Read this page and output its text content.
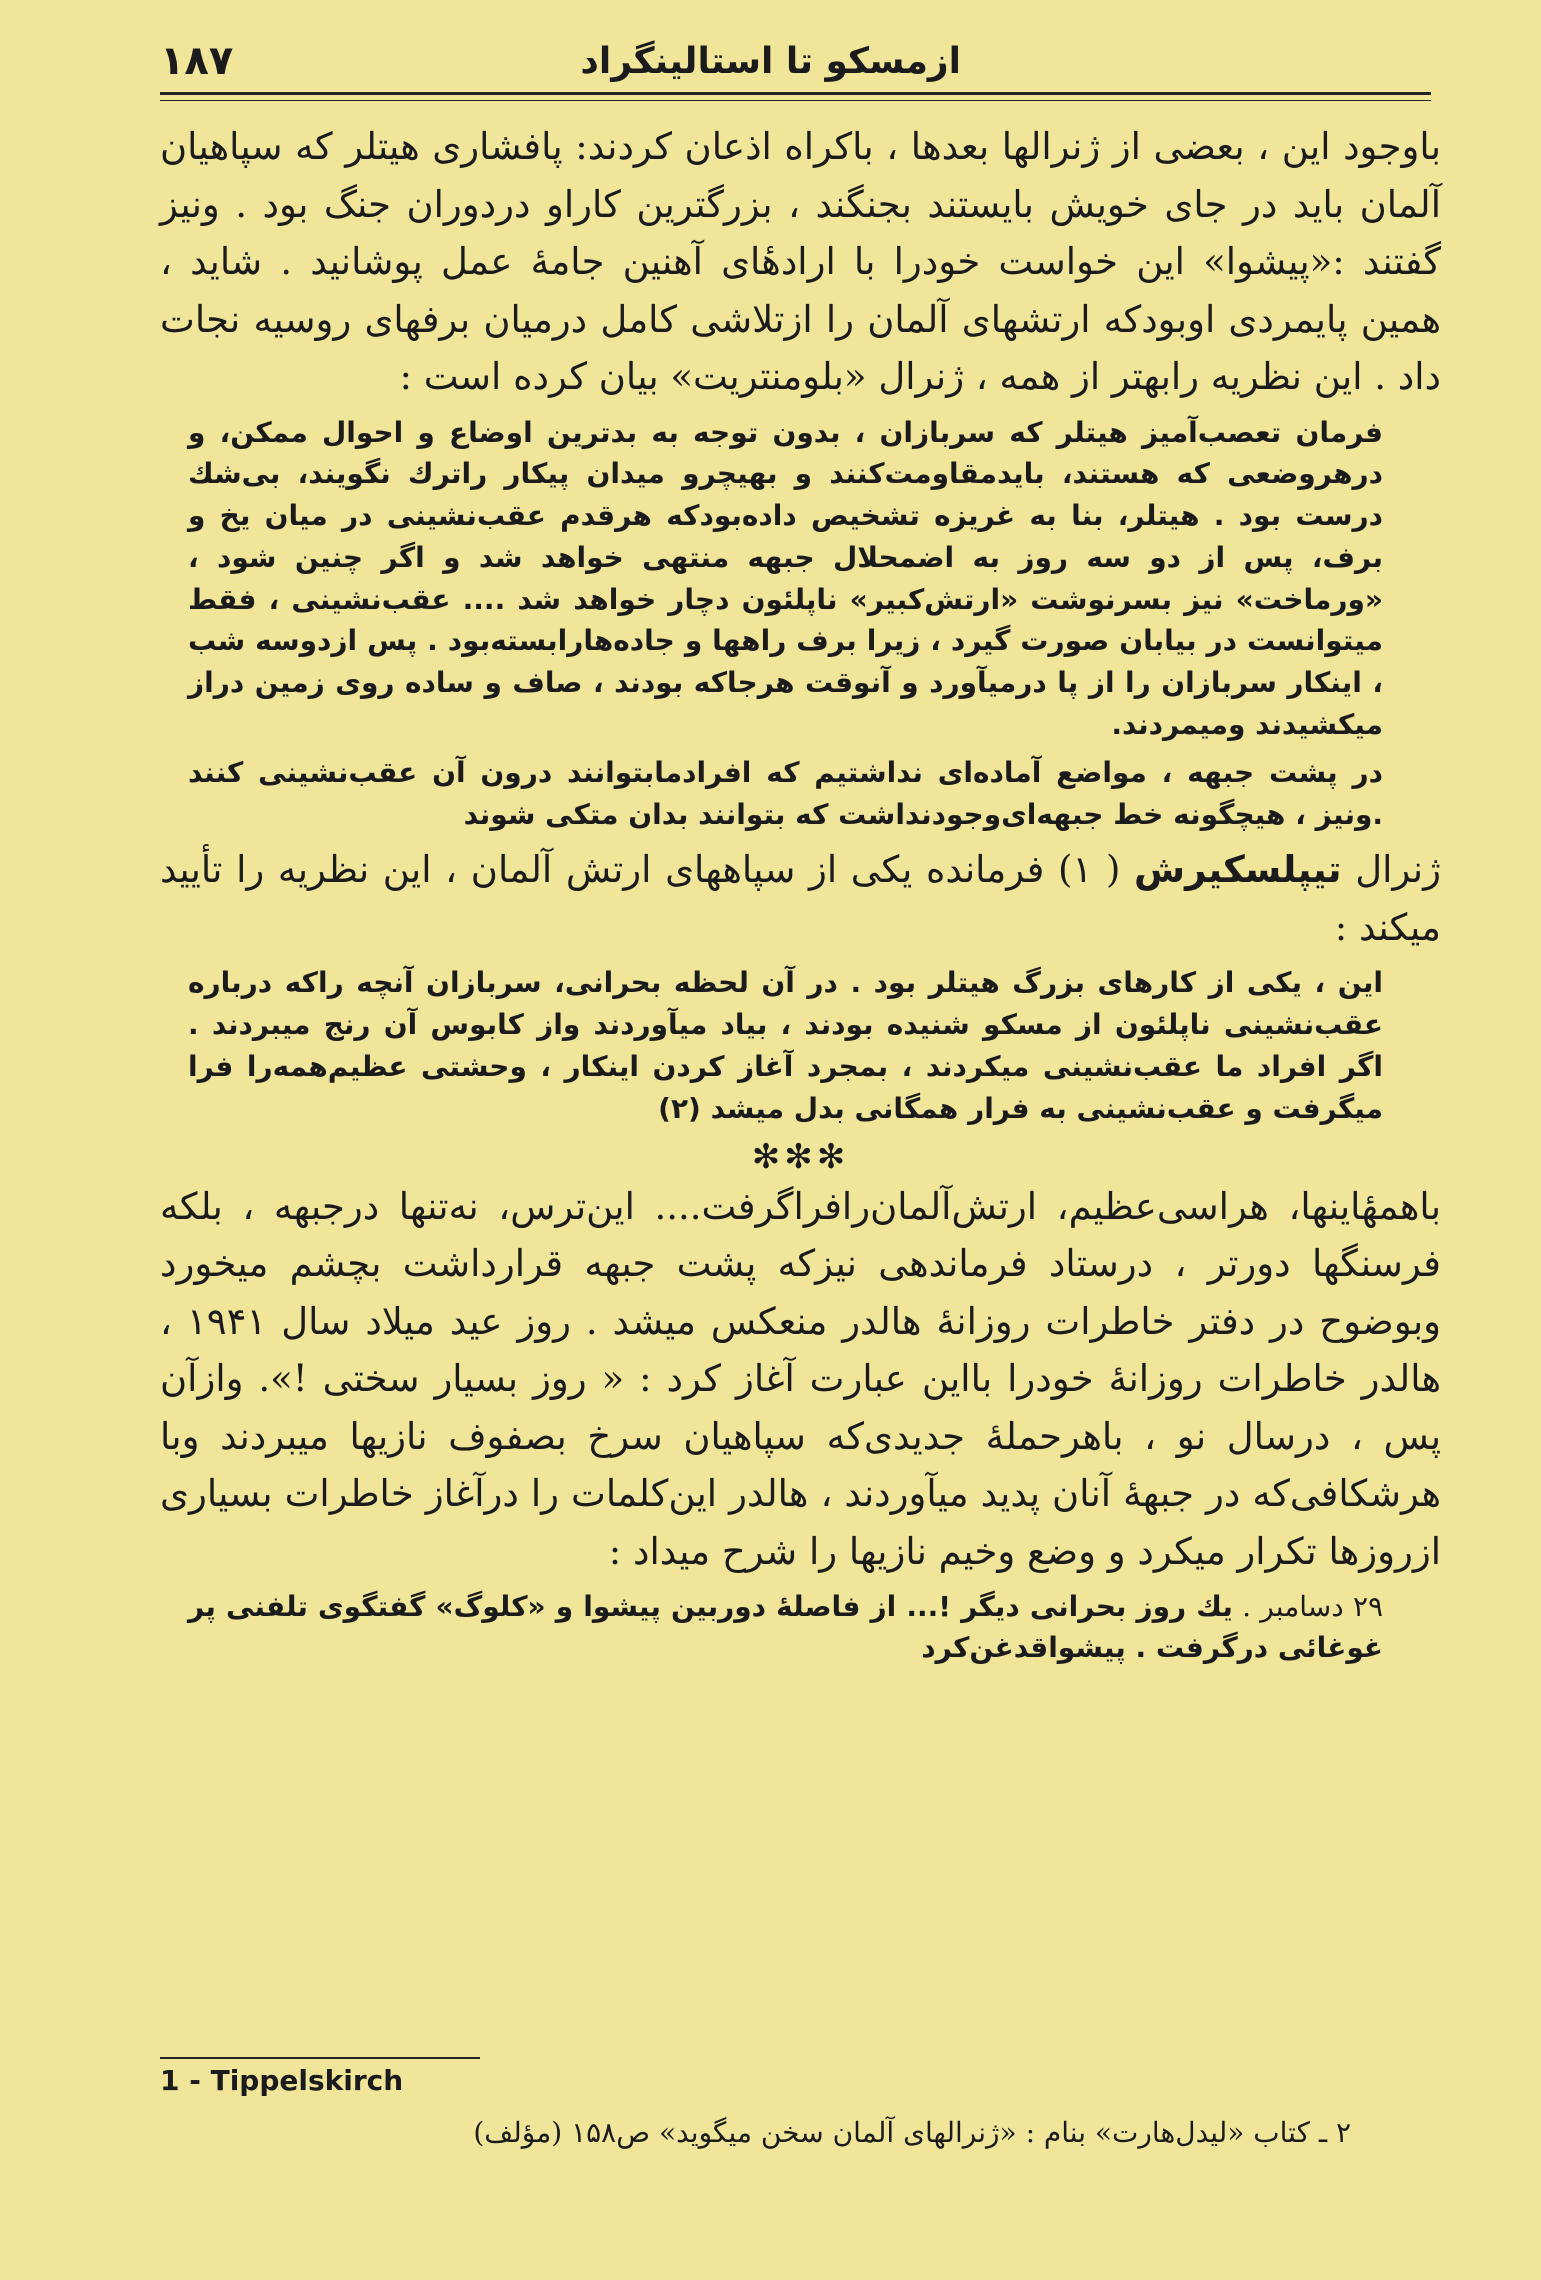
۱۸۷	ازمسکو تا استالینگراد

باوجود این ، بعضی از ژنرالها بعدها ، باکراه اذعان کردند: پافشاری هیتلر که سپاهیان آلمان باید در جای خویش بایستند بجنگند ، بزرگترین کاراو دردوران جنگ بود . ونیز گفتند :«پیشوا» این خواست خودرا با ارادهٔای آهنین جامهٔ عمل پوشانید . شاید ، همین پایمردی اوبودکه ارتشهای آلمان را ازتلاشی کامل درمیان برفهای روسیه نجات داد . این نظریه رابهتر از همه ، ژنرال «بلومنتریت» بیان کرده است :

فرمان تعصب‌آمیز هیتلر که سربازان ، بدون توجه به بدترین اوضاع و احوال ممکن، و درهروضعی که هستند، بایدمقاومت‌کنند و بهیچرو میدان پیکار راترك نگویند، بی‌شك درست بود . هیتلر، بنا به غریزه تشخیص داده‌بودکه هرقدم عقب‌نشینی در میان یخ و برف، پس از دو سه روز به اضمحلال جبهه منتهی خواهد شد و اگر چنین شود ، «ورماخت» نیز بسرنوشت «ارتش‌کبیر» ناپلئون دچار خواهد شد .... عقب‌نشینی ، فقط میتوانست در بیابان صورت گیرد ، زیرا برف راهها و جاده‌هارابسته‌بود . پس ازدوسه شب ، اینکار سربازان را از پا درمیآورد و آنوقت هرجاکه بودند ، صاف و ساده روی زمین دراز میکشیدند ومیمردند.

در پشت جبهه ، مواضع آماده‌ای نداشتیم که افرادمابتوانند درون آن عقب‌نشینی کنند .ونیز ، هیچگونه خط جبهه‌ای‌وجودنداشت که بتوانند بدان متکی شوند

ژنرال تیپلسکیرش ( ۱) فرمانده یکی از سپاههای ارتش آلمان ، این نظریه را تأیید میکند :

این ، یکی از کارهای بزرگ هیتلر بود . در آن لحظه بحرانی، سربازان آنچه راکه درباره عقب‌نشینی ناپلئون از مسکو شنیده بودند ، بیاد میآوردند واز کابوس آن رنج میبردند . اگر افراد ما عقب‌نشینی میکردند ، بمجرد آغاز کردن اینکار ، وحشتی عظیم‌همه‌را فرا میگرفت و عقب‌نشینی به فرار همگانی بدل میشد (۲)

✻✻✻

باهمهٔاینها، هراسی‌عظیم، ارتش‌آلمان‌رافراگرفت.... این‌ترس، نه‌تنها درجبهه ، بلکه فرسنگها دورتر ، درستاد فرماندهی نیزکه پشت جبهه قرارداشت بچشم میخورد وبوضوح در دفتر خاطرات روزانهٔ هالدر منعکس میشد . روز عید میلاد سال ۱۹۴۱ ، هالدر خاطرات روزانهٔ خودرا بااین عبارت آغاز کرد : « روز بسیار سختی !». وازآن پس ، درسال نو ، باهرحملهٔ جدیدی‌که سپاهیان سرخ بصفوف نازیها میبردند وبا هرشکافی‌که در جبههٔ آنان پدید میآوردند ، هالدر این‌کلمات را درآغاز خاطرات بسیاری ازروزها تکرار میکرد و وضع وخیم نازیها را شرح میداد :

۲۹ دسامبر . یك روز بحرانی دیگر !... از فاصلهٔ دوربین پیشوا و «کلوگ» گفتگوی تلفنی پر غوغائی درگرفت . پیشواقدغن‌کرد

1 - Tippelskirch
۲ ـ کتاب «لیدل‌هارت» بنام : «ژنرالهای آلمان سخن میگوید» ص۱۵۸ (مؤلف)
